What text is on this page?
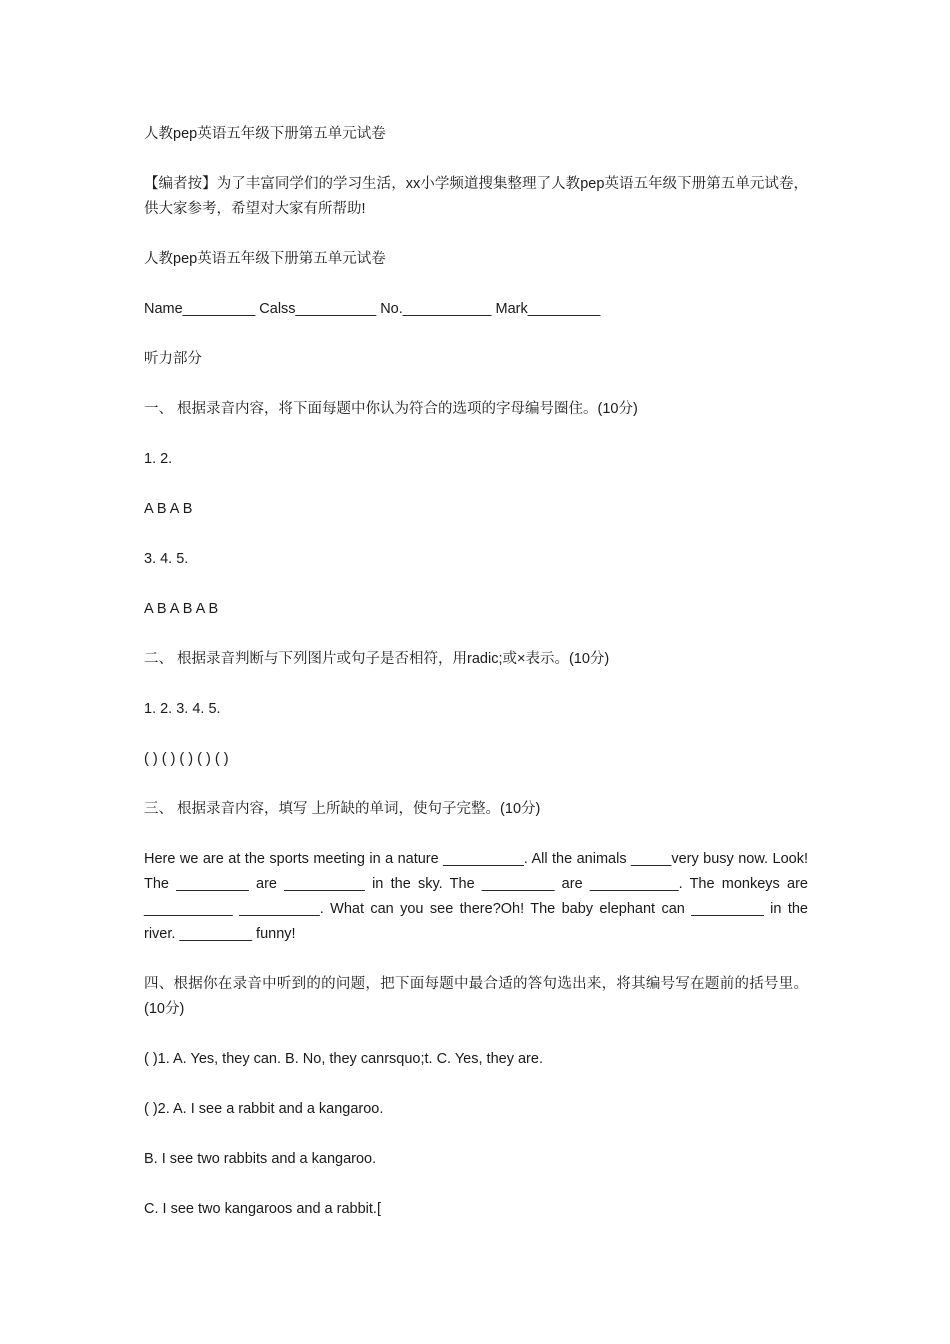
人教pep英语五年级下册第五单元试卷

【编者按】为了丰富同学们的学习生活，xx小学频道搜集整理了人教pep英语五年级下册第五单元试卷，供大家参考，希望对大家有所帮助!

人教pep英语五年级下册第五单元试卷

Name_________ Calss__________ No.___________ Mark_________

听力部分

一、 根据录音内容，将下面每题中你认为符合的选项的字母编号圈住。(10分)

1. 2.

A B A B

3. 4. 5.

A B A B A B

二、 根据录音判断与下列图片或句子是否相符，用radic;或×表示。(10分)

1. 2. 3. 4. 5.

( ) ( ) ( ) ( ) ( )

三、 根据录音内容，填写 上所缺的单词，使句子完整。(10分)

Here we are at the sports meeting in a nature __________. All the animals _____very busy now. Look! The _________ are __________ in the sky. The _________ are ___________. The monkeys are ___________ __________. What can you see there?Oh! The baby elephant can _________ in the river. _________ funny!

四、根据你在录音中听到的的问题，把下面每题中最合适的答句选出来，将其编号写在题前的括号里。(10分)

( )1. A. Yes, they can. B. No, they canrsquo;t. C. Yes, they are.

( )2. A. I see a rabbit and a kangaroo.

B. I see two rabbits and a kangaroo.

C. I see two kangaroos and a rabbit.[
